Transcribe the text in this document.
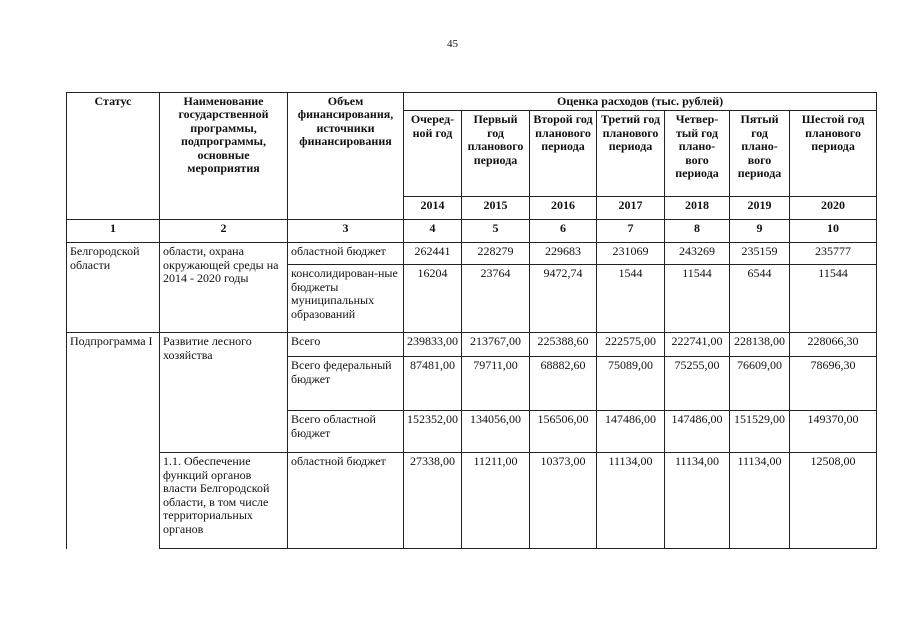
45
Статус	Наименование государственной программы, подпрограммы, основные мероприятия	Объем финансирования, источники финансирования	Оценка расходов (тыс. рублей)						
			Очеред-ной год	Первый год планового периода	Второй год планового периода	Третий год планового периода	Четвер-тый год плано-вого периода	Пятый год плано-вого периода	Шестой год планового периода
			2014	2015	2016	2017	2018	2019	2020
1	2	3	4	5	6	7	8	9	10
Белгородской области	области, охрана окружающей среды на 2014 - 2020 годы	областной бюджет	262441	228279	229683	231069	243269	235159	235777
		консолидирован-ные бюджеты муниципальных образований	16204	23764	9472,74	1544	11544	6544	11544
Подпрограмма I	Развитие лесного хозяйства	Всего	239833,00	213767,00	225388,60	222575,00	222741,00	228138,00	228066,30
		Всего федеральный бюджет	87481,00	79711,00	68882,60	75089,00	75255,00	76609,00	78696,30
		Всего областной бюджет	152352,00	134056,00	156506,00	147486,00	147486,00	151529,00	149370,00
	1.1. Обеспечение функций органов власти Белгородской области, в том числе территориальных органов	областной бюджет	27338,00	11211,00	10373,00	11134,00	11134,00	11134,00	12508,00
